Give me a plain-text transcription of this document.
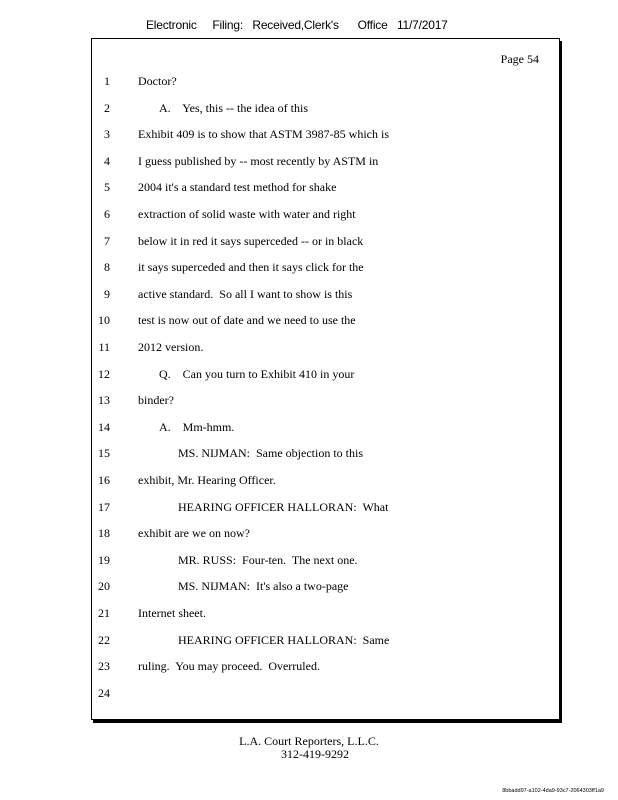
Electronic     Filing:   Received,Clerk's      Office   11/7/2017
Page 54
1 Doctor?
2	A.    Yes, this -- the idea of this
3 Exhibit 409 is to show that ASTM 3987-85 which is
4 I guess published by -- most recently by ASTM in
5 2004 it's a standard test method for shake
6 extraction of solid waste with water and right
7 below it in red it says superceded -- or in black
8 it says superceded and then it says click for the
9 active standard.  So all I want to show is this
10 test is now out of date and we need to use the
11 2012 version.
12	Q.    Can you turn to Exhibit 410 in your
13 binder?
14	A.    Mm-hmm.
15	MS. NIJMAN:  Same objection to this
16 exhibit, Mr. Hearing Officer.
17	HEARING OFFICER HALLORAN:  What
18 exhibit are we on now?
19	MR. RUSS:  Four-ten.  The next one.
20	MS. NIJMAN:  It's also a two-page
21 Internet sheet.
22	HEARING OFFICER HALLORAN:  Same
23 ruling.  You may proceed.  Overruled.
24
L.A. Court Reporters, L.L.C.
312-419-9292
8bbadd97-a102-4da9-93c7-2064303ff1a9
